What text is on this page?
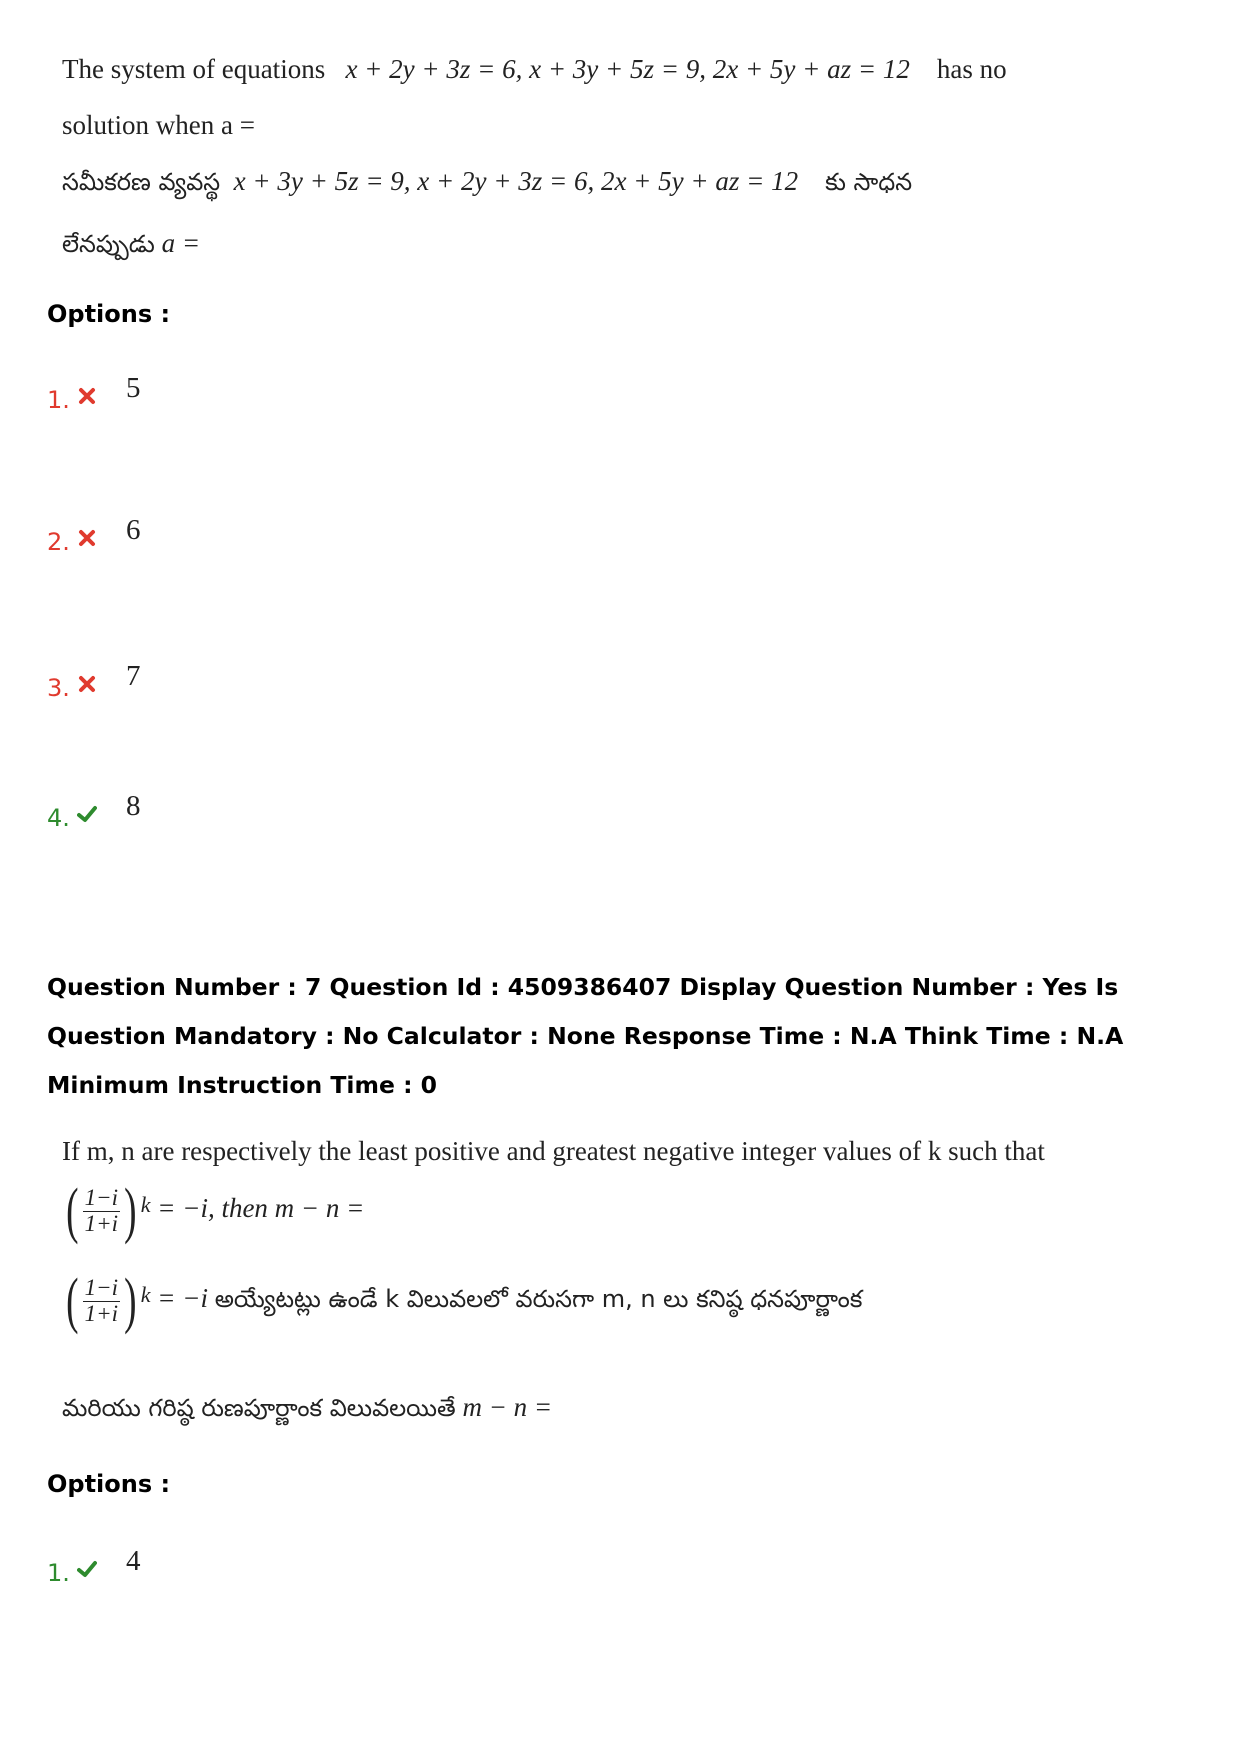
The system of equations x + 2y + 3z = 6, x + 3y + 5z = 9, 2x + 5y + az = 12 has no
solution when a =
సమీకరణ వ్యవస్థ x + 3y + 5z = 9, x + 2y + 3z = 6, 2x + 5y + az = 12 కు సాధన
లేనప్పుడు a =
Options :
1. 5
2. 6
3. 7
4. 8
Question Number : 7 Question Id : 4509386407 Display Question Number : Yes Is Question Mandatory : No Calculator : None Response Time : N.A Think Time : N.A Minimum Instruction Time : 0
If m, n are respectively the least positive and greatest negative integer values of k such that
( $\frac{1-i}{1+i}$ ) k = −i, then m − n =
( $\frac{1-i}{1+i}$ ) k = −i అయ్యేటట్లు ఉండే k విలువలలో వరుసగా m, n లు కనిష్ఠ ధనపూర్ణాంక
మరియు గరిష్ఠ రుణపూర్ణాంక విలువలయితే m − n =
Options :
1. 4
